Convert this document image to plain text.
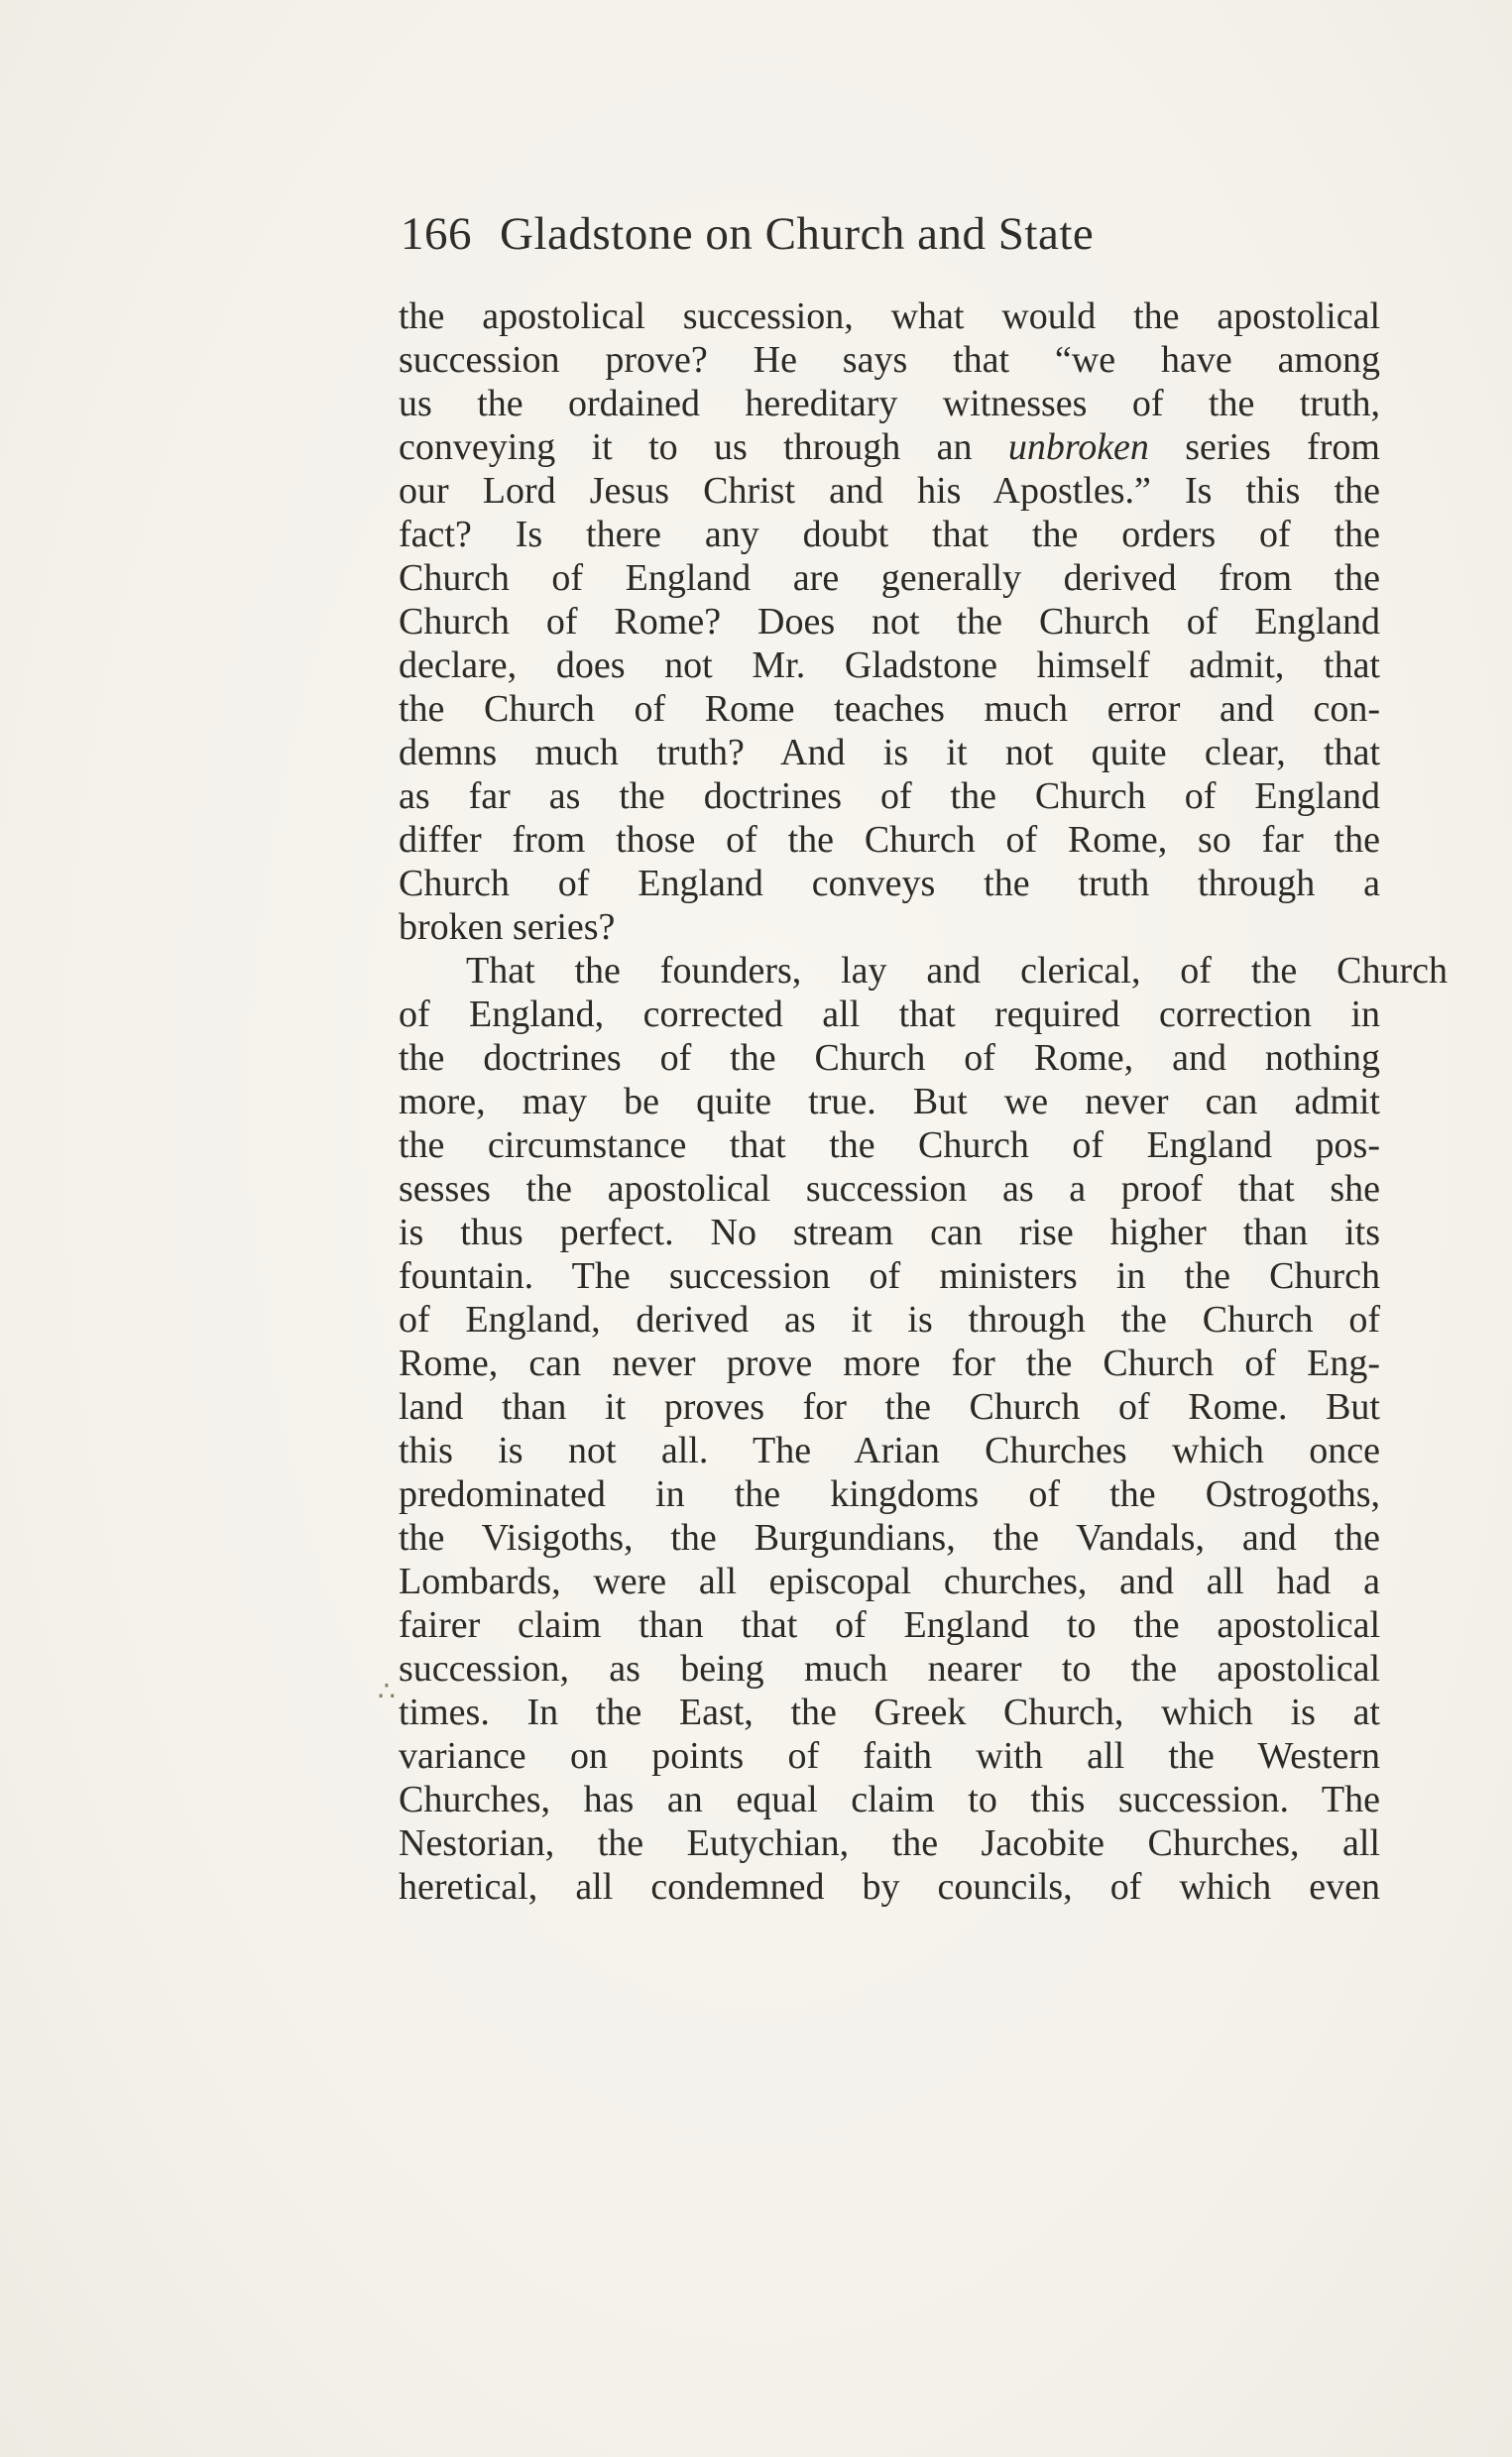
166 Gladstone on Church and State
∴
the apostolical succession, what would the apostolical
succession prove? He says that “we have among
us the ordained hereditary witnesses of the truth,
conveying it to us through an unbroken series from
our Lord Jesus Christ and his Apostles.” Is this the
fact? Is there any doubt that the orders of the
Church of England are generally derived from the
Church of Rome? Does not the Church of England
declare, does not Mr. Gladstone himself admit, that
the Church of Rome teaches much error and con-
demns much truth? And is it not quite clear, that
as far as the doctrines of the Church of England
differ from those of the Church of Rome, so far the
Church of England conveys the truth through a
broken series?
That the founders, lay and clerical, of the Church
of England, corrected all that required correction in
the doctrines of the Church of Rome, and nothing
more, may be quite true. But we never can admit
the circumstance that the Church of England pos-
sesses the apostolical succession as a proof that she
is thus perfect. No stream can rise higher than its
fountain. The succession of ministers in the Church
of England, derived as it is through the Church of
Rome, can never prove more for the Church of Eng-
land than it proves for the Church of Rome. But
this is not all. The Arian Churches which once
predominated in the kingdoms of the Ostrogoths,
the Visigoths, the Burgundians, the Vandals, and the
Lombards, were all episcopal churches, and all had a
fairer claim than that of England to the apostolical
succession, as being much nearer to the apostolical
times. In the East, the Greek Church, which is at
variance on points of faith with all the Western
Churches, has an equal claim to this succession. The
Nestorian, the Eutychian, the Jacobite Churches, all
heretical, all condemned by councils, of which even
